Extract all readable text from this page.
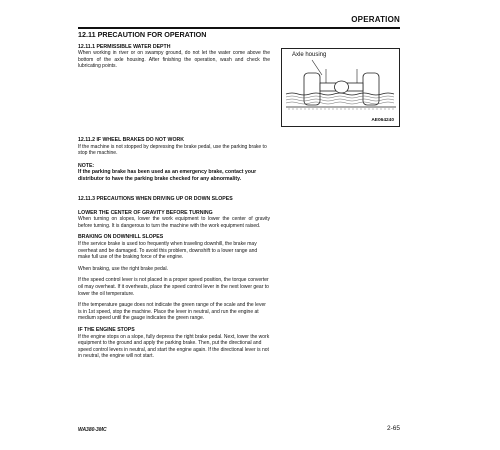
OPERATION
12.11 PRECAUTION FOR OPERATION
12.11.1 PERMISSIBLE WATER DEPTH

When working in river or on swampy ground, do not let the water come above the bottom of the axle housing. After finishing the operation, wash and check the lubricating points.

Axle housing
AE064240
12.11.2 IF WHEEL BRAKES DO NOT WORK

If the machine is not stopped by depressing the brake pedal, use the parking brake to stop the machine.

NOTE:

If the parking brake has been used as an emergency brake, contact your distributor to have the parking brake checked for any abnormality.

12.11.3 PRECAUTIONS WHEN DRIVING UP OR DOWN SLOPES
LOWER THE CENTER OF GRAVITY BEFORE TURNING

When turning on slopes, lower the work equipment to lower the center of gravity before turning. It is dangerous to turn the machine with the work equipment raised.

BRAKING ON DOWNHILL SLOPES

If the service brake is used too frequently when traveling downhill, the brake may overheat and be damaged. To avoid this problem, downshift to a lower range and make full use of the braking force of the engine.

When braking, use the right brake pedal.

If the speed control lever is not placed in a proper speed position, the torque converter oil may overheat. If it overheats, place the speed control lever in the next lower gear to lower the oil temperature.

If the temperature gauge does not indicate the green range of the scale and the lever is in 1st speed, stop the machine. Place the lever in neutral, and run the engine at medium speed until the gauge indicates the green range.

IF THE ENGINE STOPS

If the engine stops on a slope, fully depress the right brake pedal. Next, lower the work equipment to the ground and apply the parking brake. Then, put the directional and speed control levers in neutral, and start the engine again. If the directional lever is not in neutral, the engine will not start.

WA380-3MC	2-65
